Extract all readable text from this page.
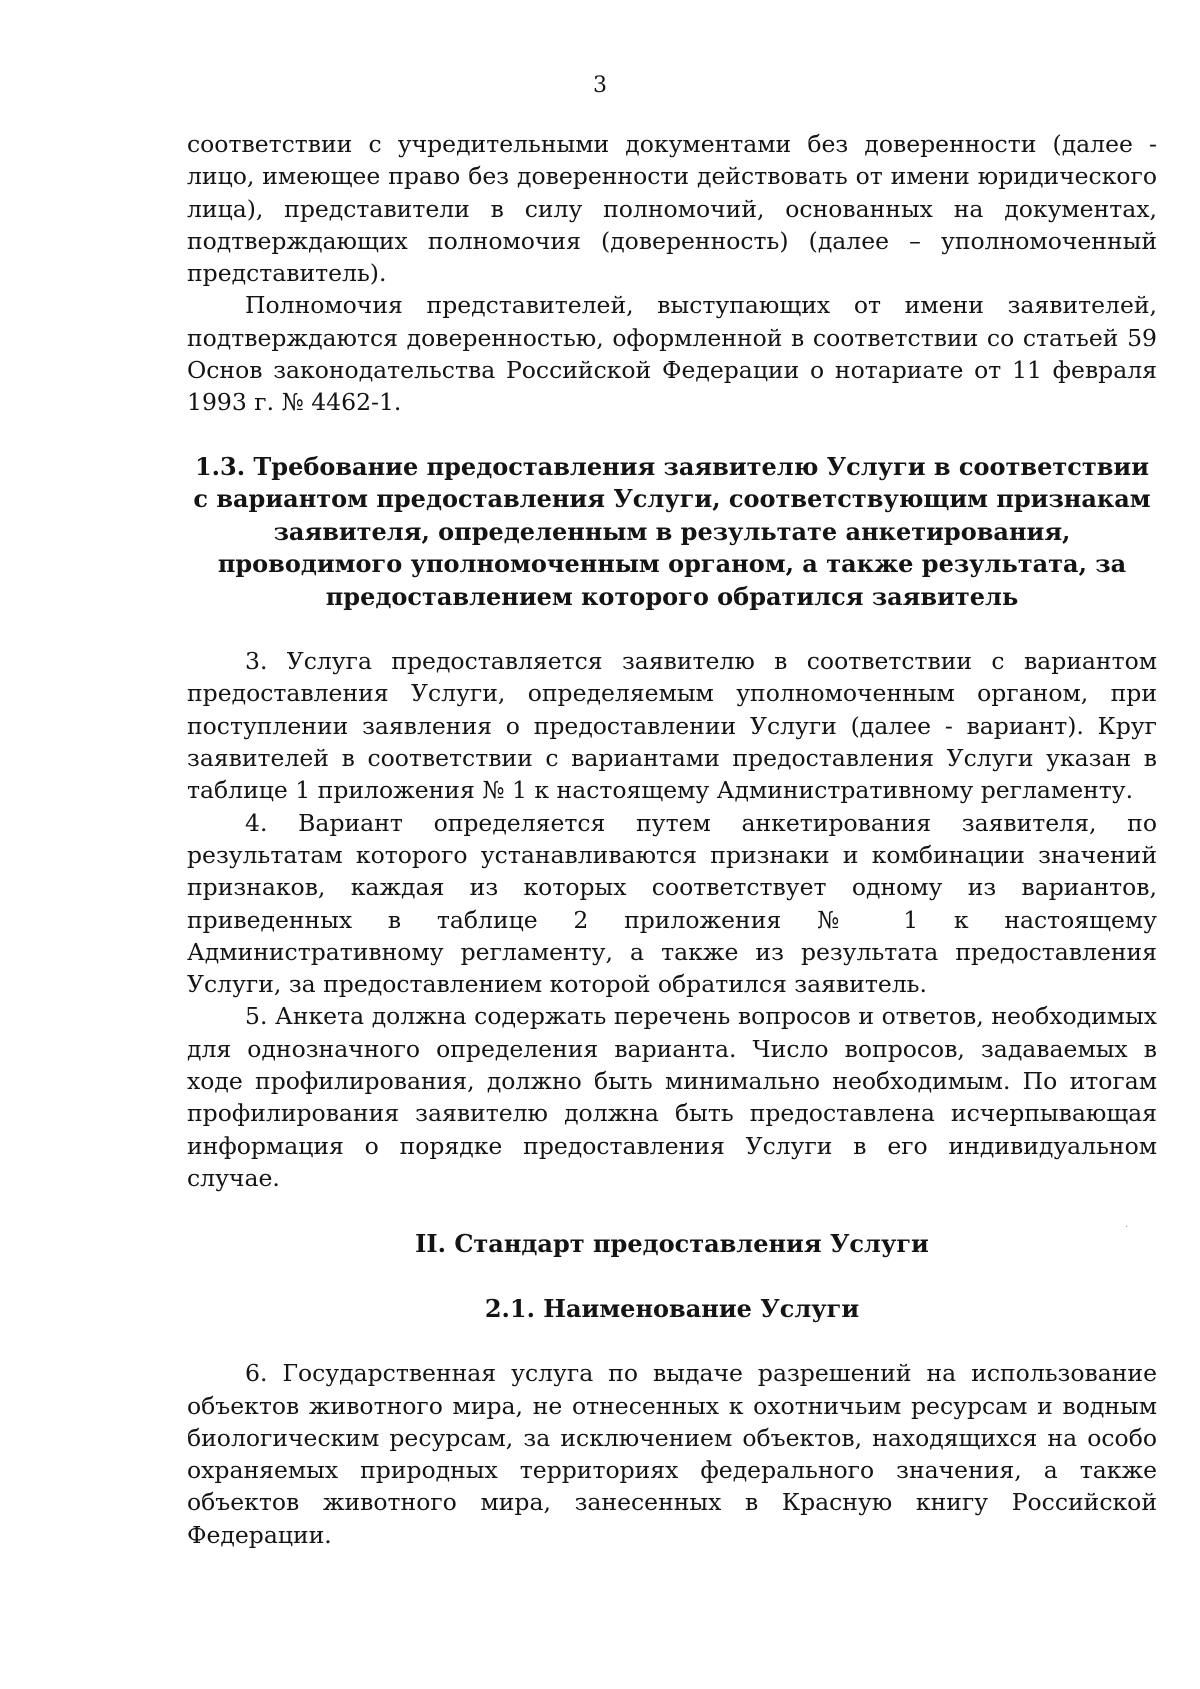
3

соответствии с учредительными документами без доверенности (далее - лицо, имеющее право без доверенности действовать от имени юридического лица), представители в силу полномочий, основанных на документах, подтверждающих полномочия (доверенность) (далее – уполномоченный представитель).

Полномочия представителей, выступающих от имени заявителей, подтверждаются доверенностью, оформленной в соответствии со статьей 59 Основ законодательства Российской Федерации о нотариате от 11 февраля 1993 г. № 4462-1.

1.3. Требование предоставления заявителю Услуги в соответствии с вариантом предоставления Услуги, соответствующим признакам заявителя, определенным в результате анкетирования, проводимого уполномоченным органом, а также результата, за предоставлением которого обратился заявитель

3. Услуга предоставляется заявителю в соответствии с вариантом предоставления Услуги, определяемым уполномоченным органом, при поступлении заявления о предоставлении Услуги (далее - вариант). Круг заявителей в соответствии с вариантами предоставления Услуги указан в таблице 1 приложения № 1 к настоящему Административному регламенту.

4. Вариант определяется путем анкетирования заявителя, по результатам которого устанавливаются признаки и комбинации значений признаков, каждая из которых соответствует одному из вариантов, приведенных в таблице 2 приложения № 1 к настоящему Административному регламенту, а также из результата предоставления Услуги, за предоставлением которой обратился заявитель.

5. Анкета должна содержать перечень вопросов и ответов, необходимых для однозначного определения варианта. Число вопросов, задаваемых в ходе профилирования, должно быть минимально необходимым. По итогам профилирования заявителю должна быть предоставлена исчерпывающая информация о порядке предоставления Услуги в его индивидуальном случае.

II. Стандарт предоставления Услуги

2.1. Наименование Услуги

6. Государственная услуга по выдаче разрешений на использование объектов животного мира, не отнесенных к охотничьим ресурсам и водным биологическим ресурсам, за исключением объектов, находящихся на особо охраняемых природных территориях федерального значения, а также объектов животного мира, занесенных в Красную книгу Российской Федерации.

·
